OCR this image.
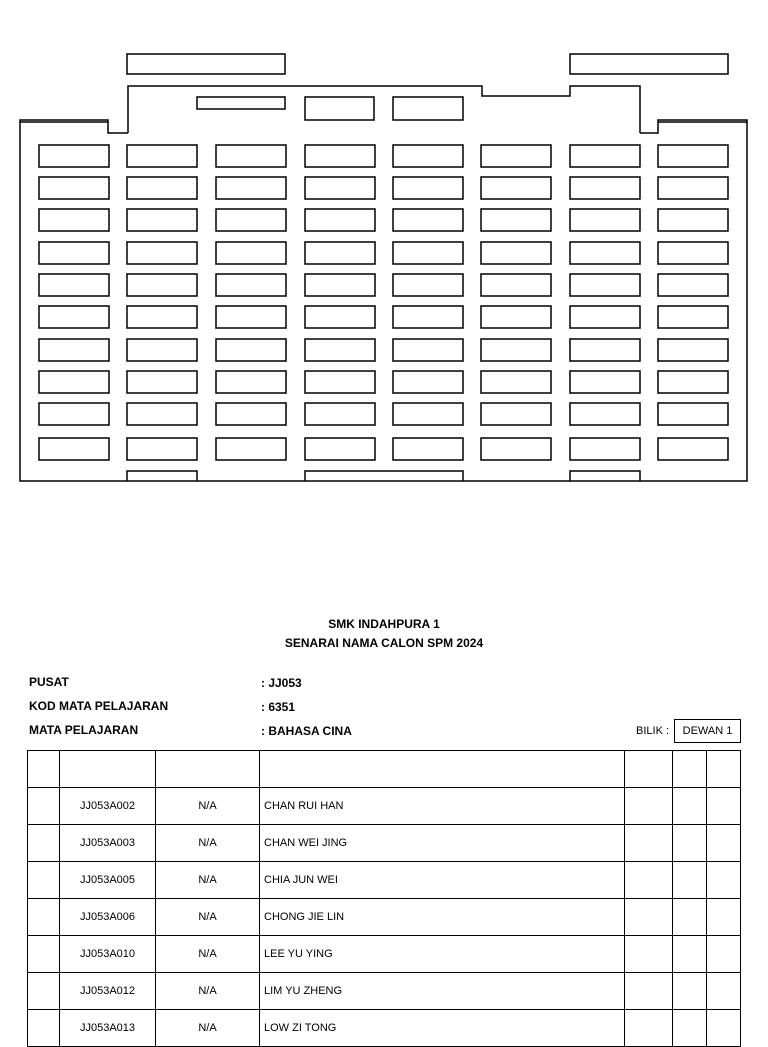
SMK INDAHPURA 1
SENARAI NAMA CALON SPM 2024
PUSAT	: JJ053
KOD MATA PELAJARAN	: 6351
MATA PELAJARAN	: BAHASA CINA	BILIK :	DEWAN 1

	JJ053A002	N/A	CHAN RUI HAN			
	JJ053A003	N/A	CHAN WEI JING			
	JJ053A005	N/A	CHIA JUN WEI			
	JJ053A006	N/A	CHONG JIE LIN			
	JJ053A010	N/A	LEE YU YING			
	JJ053A012	N/A	LIM YU ZHENG			
	JJ053A013	N/A	LOW ZI TONG			
